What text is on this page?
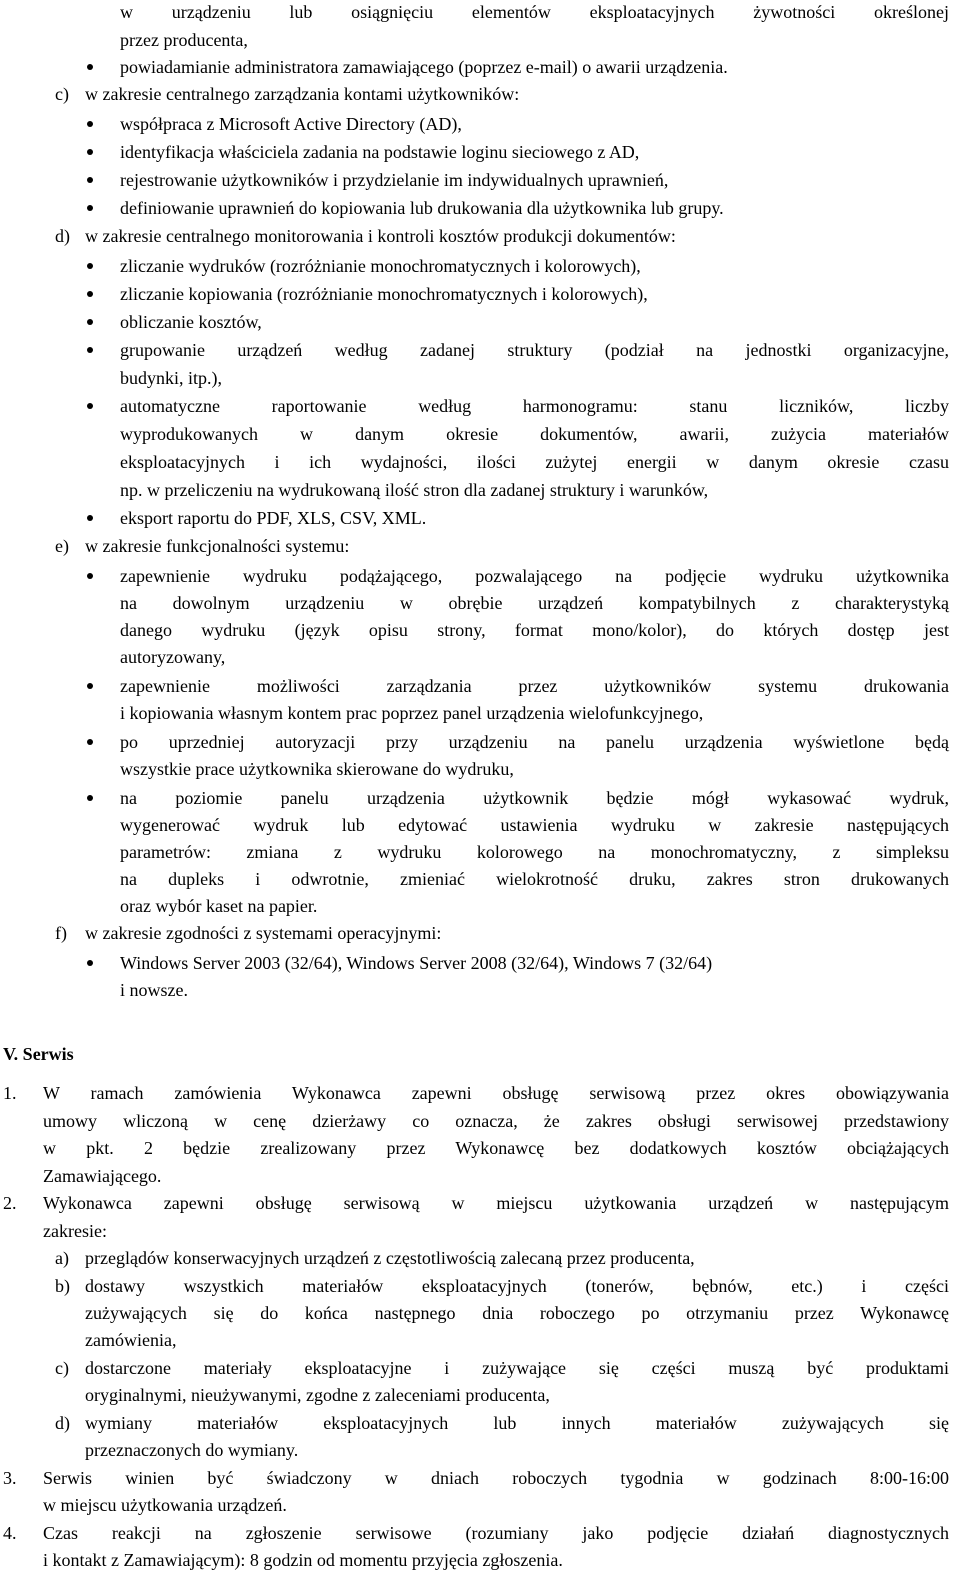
w urządzeniu lub osiągnięciu elementów eksploatacyjnych żywotności określonej
przez producenta,
powiadamianie administratora zamawiającego (poprzez e-mail) o awarii urządzenia.
c) w zakresie centralnego zarządzania kontami użytkowników:
współpraca z Microsoft Active Directory (AD),
identyfikacja właściciela zadania na podstawie loginu sieciowego z AD,
rejestrowanie użytkowników i przydzielanie im indywidualnych uprawnień,
definiowanie uprawnień do kopiowania lub drukowania dla użytkownika lub grupy.
d) w zakresie centralnego monitorowania i kontroli kosztów produkcji dokumentów:
zliczanie wydruków (rozróżnianie monochromatycznych i kolorowych),
zliczanie kopiowania (rozróżnianie monochromatycznych i kolorowych),
obliczanie kosztów,
grupowanie urządzeń według zadanej struktury (podział na jednostki organizacyjne,
budynki, itp.),
automatyczne raportowanie według harmonogramu: stanu liczników, liczby
wyprodukowanych w danym okresie dokumentów, awarii, zużycia materiałów
eksploatacyjnych i ich wydajności, ilości zużytej energii w danym okresie czasu
np. w przeliczeniu na wydrukowaną ilość stron dla zadanej struktury i warunków,
eksport raportu do PDF, XLS, CSV, XML.
e) w zakresie funkcjonalności systemu:
zapewnienie wydruku podążającego, pozwalającego na podjęcie wydruku użytkownika
na dowolnym urządzeniu w obrębie urządzeń kompatybilnych z charakterystyką
danego wydruku (język opisu strony, format mono/kolor), do których dostęp jest
autoryzowany,
zapewnienie możliwości zarządzania przez użytkowników systemu drukowania
i kopiowania własnym kontem prac poprzez panel urządzenia wielofunkcyjnego,
po uprzedniej autoryzacji przy urządzeniu na panelu urządzenia wyświetlone będą
wszystkie prace użytkownika skierowane do wydruku,
na poziomie panelu urządzenia użytkownik będzie mógł wykasować wydruk,
wygenerować wydruk lub edytować ustawienia wydruku w zakresie następujących
parametrów: zmiana z wydruku kolorowego na monochromatyczny, z simpleksu
na dupleks i odwrotnie, zmieniać wielokrotność druku, zakres stron drukowanych
oraz wybór kaset na papier.
f) w zakresie zgodności z systemami operacyjnymi:
Windows Server 2003 (32/64), Windows Server 2008 (32/64), Windows 7 (32/64)
i nowsze.
V. Serwis
1. W ramach zamówienia Wykonawca zapewni obsługę serwisową przez okres obowiązywania
umowy wliczoną w cenę dzierżawy co oznacza, że zakres obsługi serwisowej przedstawiony
w pkt. 2 będzie zrealizowany przez Wykonawcę bez dodatkowych kosztów obciążających
Zamawiającego.
2. Wykonawca zapewni obsługę serwisową w miejscu użytkowania urządzeń w następującym
zakresie:
a) przeglądów konserwacyjnych urządzeń z częstotliwością zalecaną przez producenta,
b) dostawy wszystkich materiałów eksploatacyjnych (tonerów, bębnów, etc.) i części
zużywających się do końca następnego dnia roboczego po otrzymaniu przez Wykonawcę
zamówienia,
c) dostarczone materiały eksploatacyjne i zużywające się części muszą być produktami
oryginalnymi, nieużywanymi, zgodne z zaleceniami producenta,
d) wymiany materiałów eksploatacyjnych lub innych materiałów zużywających się
przeznaczonych do wymiany.
3. Serwis winien być świadczony w dniach roboczych tygodnia w godzinach 8:00-16:00
w miejscu użytkowania urządzeń.
4. Czas reakcji na zgłoszenie serwisowe (rozumiany jako podjęcie działań diagnostycznych
i kontakt z Zamawiającym): 8 godzin od momentu przyjęcia zgłoszenia.
